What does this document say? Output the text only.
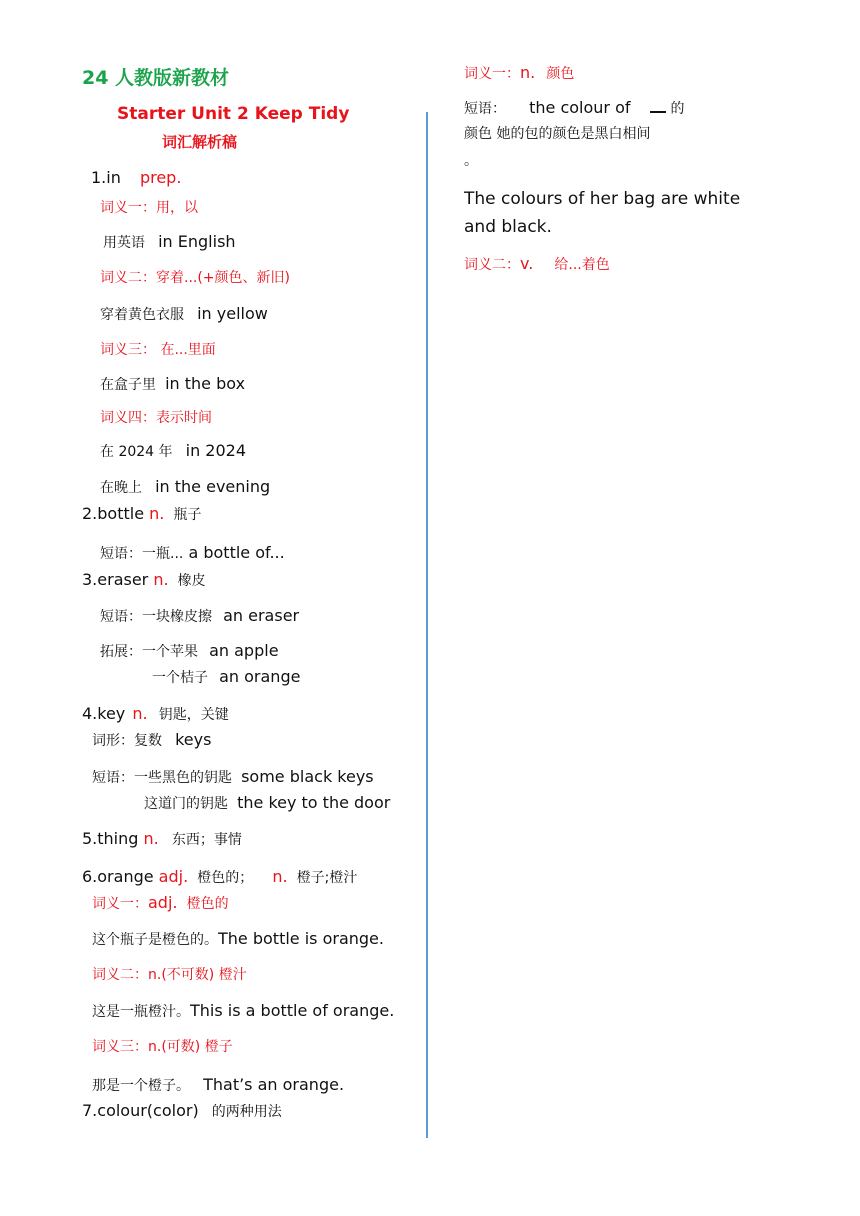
24 人教版新教材
Starter Unit 2 Keep Tidy
词汇解析稿
1.in prep.
词义一：用，以
用英语 in English
词义二：穿着...(+颜色、新旧)
穿着黄色衣服 in yellow
词义三： 在...里面
在盒子里 in the box
词义四：表示时间
在 2024 年 in 2024
在晚上 in the evening
2.bottle n. 瓶子
短语：一瓶... a bottle of...
3.eraser n. 橡皮
短语：一块橡皮擦 an eraser
拓展：一个苹果 an apple
一个桔子 an orange
4.key n. 钥匙，关键
词形：复数 keys
短语：一些黑色的钥匙 some black keys
这道门的钥匙 the key to the door
5.thing n. 东西；事情
6.orange adj. 橙色的； n. 橙子;橙汁
词义一：adj. 橙色的
这个瓶子是橙色的。The bottle is orange.
词义二：n.(不可数) 橙汁
这是一瓶橙汁。This is a bottle of orange.
词义三：n.(可数) 橙子
那是一个橙子。 That’s an orange.
7.colour(color) 的两种用法
词义一：n. 颜色
短语： the colour of	的
颜色 她的包的颜色是黑白相间
。
The colours of her bag are white
and black.
词义二：v. 给...着色
